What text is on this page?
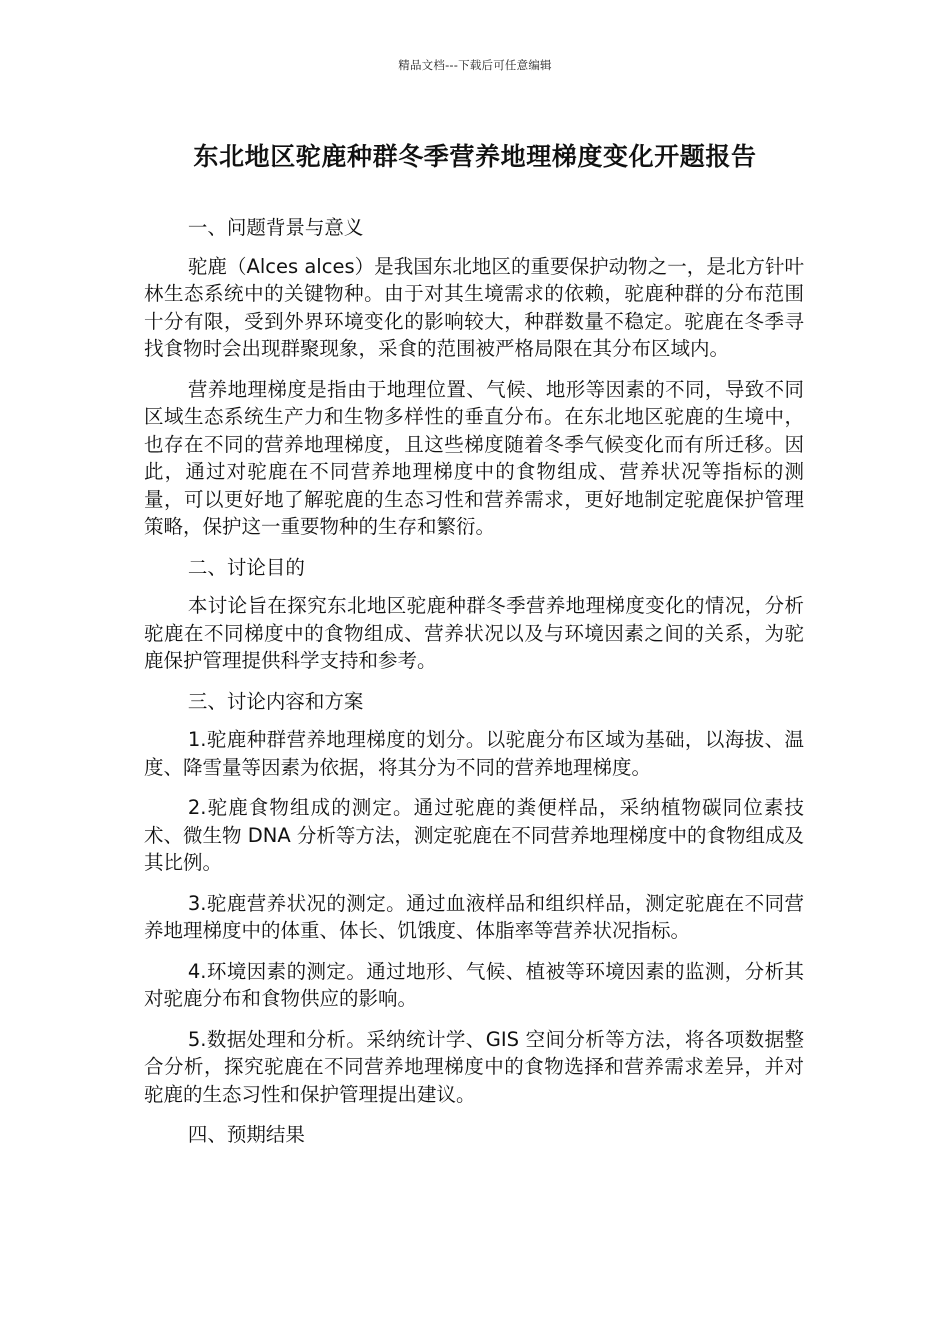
精品文档---下载后可任意编辑
东北地区驼鹿种群冬季营养地理梯度变化开题报告

一、问题背景与意义

驼鹿（Alces alces）是我国东北地区的重要保护动物之一，是北方针叶林生态系统中的关键物种。由于对其生境需求的依赖，驼鹿种群的分布范围十分有限，受到外界环境变化的影响较大，种群数量不稳定。驼鹿在冬季寻找食物时会出现群聚现象，采食的范围被严格局限在其分布区域内。

营养地理梯度是指由于地理位置、气候、地形等因素的不同，导致不同区域生态系统生产力和生物多样性的垂直分布。在东北地区驼鹿的生境中，也存在不同的营养地理梯度，且这些梯度随着冬季气候变化而有所迁移。因此，通过对驼鹿在不同营养地理梯度中的食物组成、营养状况等指标的测量，可以更好地了解驼鹿的生态习性和营养需求，更好地制定驼鹿保护管理策略，保护这一重要物种的生存和繁衍。

二、讨论目的

本讨论旨在探究东北地区驼鹿种群冬季营养地理梯度变化的情况，分析驼鹿在不同梯度中的食物组成、营养状况以及与环境因素之间的关系，为驼鹿保护管理提供科学支持和参考。

三、讨论内容和方案

1.驼鹿种群营养地理梯度的划分。以驼鹿分布区域为基础，以海拔、温度、降雪量等因素为依据，将其分为不同的营养地理梯度。

2.驼鹿食物组成的测定。通过驼鹿的粪便样品，采纳植物碳同位素技术、微生物 DNA 分析等方法，测定驼鹿在不同营养地理梯度中的食物组成及其比例。

3.驼鹿营养状况的测定。通过血液样品和组织样品，测定驼鹿在不同营养地理梯度中的体重、体长、饥饿度、体脂率等营养状况指标。

4.环境因素的测定。通过地形、气候、植被等环境因素的监测，分析其对驼鹿分布和食物供应的影响。

5.数据处理和分析。采纳统计学、GIS 空间分析等方法，将各项数据整合分析，探究驼鹿在不同营养地理梯度中的食物选择和营养需求差异，并对驼鹿的生态习性和保护管理提出建议。

四、预期结果
